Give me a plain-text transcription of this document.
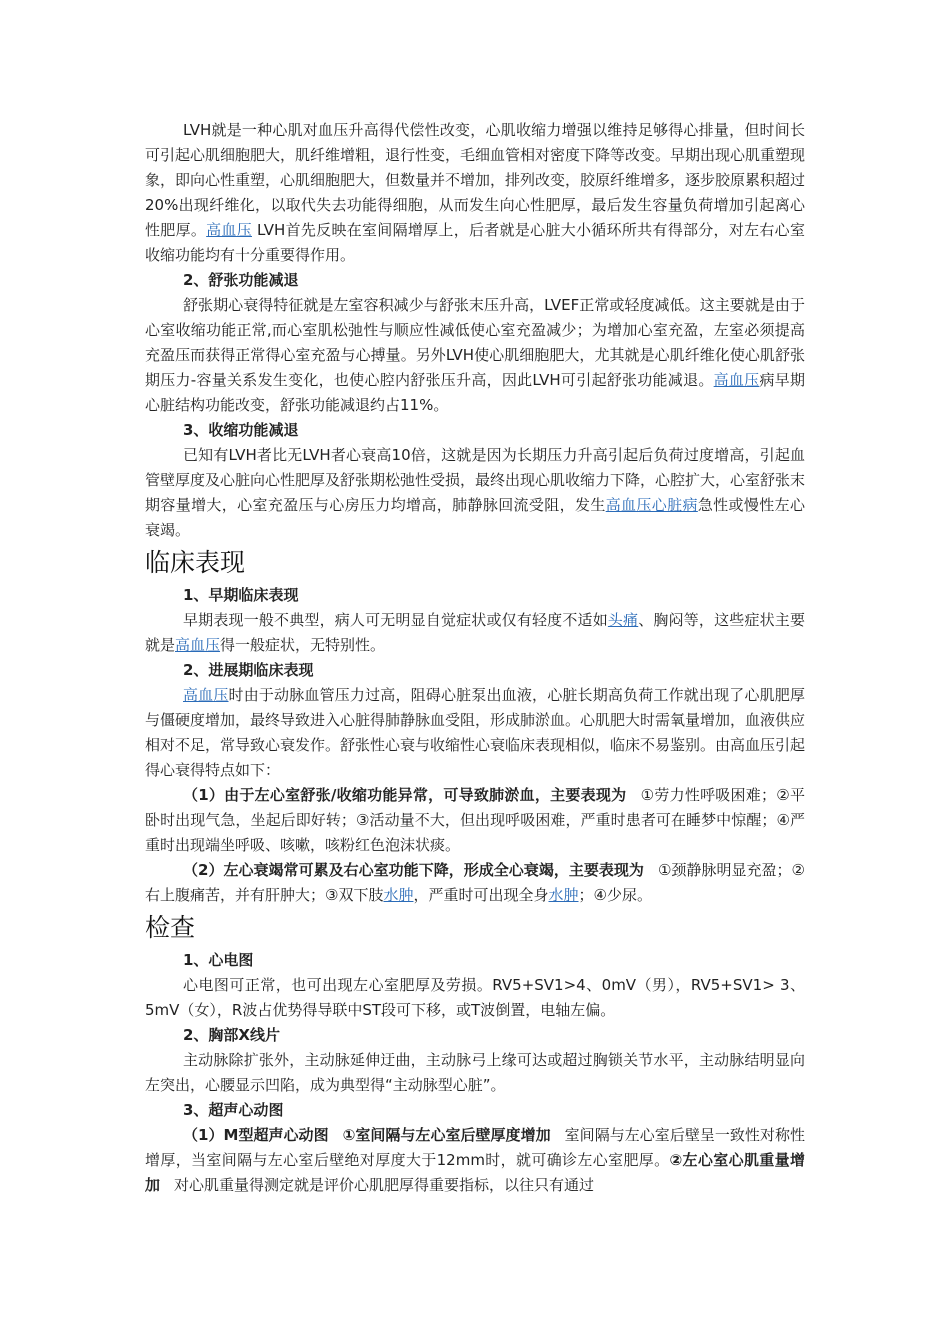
LVH就是一种心肌对血压升高得代偿性改变，心肌收缩力增强以维持足够得心排量，但时间长可引起心肌细胞肥大，肌纤维增粗，退行性变，毛细血管相对密度下降等改变。早期出现心肌重塑现象，即向心性重塑，心肌细胞肥大，但数量并不增加，排列改变，胶原纤维增多，逐步胶原累积超过20%出现纤维化，以取代失去功能得细胞，从而发生向心性肥厚，最后发生容量负荷增加引起离心性肥厚。高血压 LVH首先反映在室间隔增厚上，后者就是心脏大小循环所共有得部分，对左右心室收缩功能均有十分重要得作用。

2、舒张功能减退

舒张期心衰得特征就是左室容积减少与舒张末压升高，LVEF正常或轻度减低。这主要就是由于心室收缩功能正常,而心室肌松弛性与顺应性减低使心室充盈减少；为增加心室充盈，左室必须提高充盈压而获得正常得心室充盈与心搏量。另外LVH使心肌细胞肥大，尤其就是心肌纤维化使心肌舒张期压力-容量关系发生变化，也使心腔内舒张压升高，因此LVH可引起舒张功能减退。高血压病早期心脏结构功能改变，舒张功能减退约占11%。

3、收缩功能减退

已知有LVH者比无LVH者心衰高10倍，这就是因为长期压力升高引起后负荷过度增高，引起血管壁厚度及心脏向心性肥厚及舒张期松弛性受损，最终出现心肌收缩力下降，心腔扩大，心室舒张末期容量增大，心室充盈压与心房压力均增高，肺静脉回流受阻，发生高血压心脏病急性或慢性左心衰竭。

临床表现
1、早期临床表现

早期表现一般不典型，病人可无明显自觉症状或仅有轻度不适如头痛、胸闷等，这些症状主要就是高血压得一般症状，无特别性。

2、进展期临床表现

高血压时由于动脉血管压力过高，阻碍心脏泵出血液，心脏长期高负荷工作就出现了心肌肥厚与僵硬度增加，最终导致进入心脏得肺静脉血受阻，形成肺淤血。心肌肥大时需氧量增加，血液供应相对不足，常导致心衰发作。舒张性心衰与收缩性心衰临床表现相似，临床不易鉴别。由高血压引起得心衰得特点如下：

（1）由于左心室舒张/收缩功能异常，可导致肺淤血，主要表现为 ①劳力性呼吸困难；②平卧时出现气急，坐起后即好转；③活动量不大，但出现呼吸困难，严重时患者可在睡梦中惊醒；④严重时出现端坐呼吸、咳嗽，咳粉红色泡沫状痰。

（2）左心衰竭常可累及右心室功能下降，形成全心衰竭，主要表现为 ①颈静脉明显充盈；②右上腹痛苦，并有肝肿大；③双下肢水肿，严重时可出现全身水肿；④少尿。

检查
1、心电图

心电图可正常，也可出现左心室肥厚及劳损。RV5+SV1>4、0mV（男），RV5+SV1> 3、5mV（女），R波占优势得导联中ST段可下移，或T波倒置，电轴左偏。

2、胸部X线片

主动脉除扩张外，主动脉延伸迂曲，主动脉弓上缘可达或超过胸锁关节水平，主动脉结明显向左突出，心腰显示凹陷，成为典型得“主动脉型心脏”。

3、超声心动图

（1）M型超声心动图 ①室间隔与左心室后壁厚度增加 室间隔与左心室后壁呈一致性对称性增厚，当室间隔与左心室后壁绝对厚度大于12mm时，就可确诊左心室肥厚。②左心室心肌重量增加 对心肌重量得测定就是评价心肌肥厚得重要指标，以往只有通过
